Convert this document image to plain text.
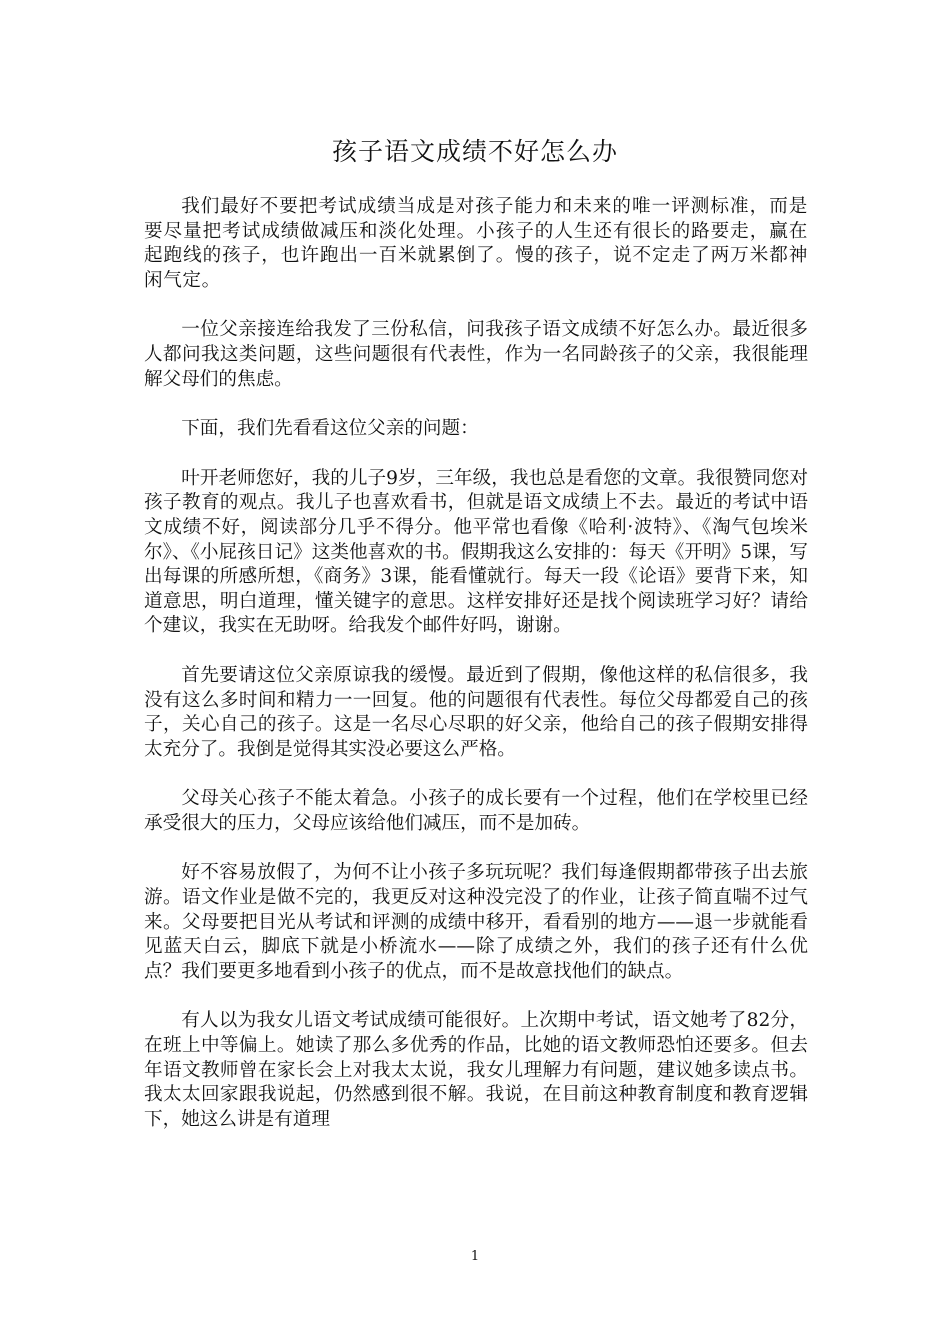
孩子语文成绩不好怎么办

我们最好不要把考试成绩当成是对孩子能力和未来的唯一评测标准，而是要尽量把考试成绩做减压和淡化处理。小孩子的人生还有很长的路要走，赢在起跑线的孩子，也许跑出一百米就累倒了。慢的孩子，说不定走了两万米都神闲气定。

一位父亲接连给我发了三份私信，问我孩子语文成绩不好怎么办。最近很多人都问我这类问题，这些问题很有代表性，作为一名同龄孩子的父亲，我很能理解父母们的焦虑。

下面，我们先看看这位父亲的问题：

叶开老师您好，我的儿子9岁，三年级，我也总是看您的文章。我很赞同您对孩子教育的观点。我儿子也喜欢看书，但就是语文成绩上不去。最近的考试中语文成绩不好，阅读部分几乎不得分。他平常也看像《哈利·波特》、《淘气包埃米尔》、《小屁孩日记》这类他喜欢的书。假期我这么安排的：每天《开明》5课，写出每课的所感所想，《商务》3课，能看懂就行。每天一段《论语》要背下来，知道意思，明白道理，懂关键字的意思。这样安排好还是找个阅读班学习好？请给个建议，我实在无助呀。给我发个邮件好吗，谢谢。

首先要请这位父亲原谅我的缓慢。最近到了假期，像他这样的私信很多，我没有这么多时间和精力一一回复。他的问题很有代表性。每位父母都爱自己的孩子，关心自己的孩子。这是一名尽心尽职的好父亲，他给自己的孩子假期安排得太充分了。我倒是觉得其实没必要这么严格。

父母关心孩子不能太着急。小孩子的成长要有一个过程，他们在学校里已经承受很大的压力，父母应该给他们减压，而不是加砖。

好不容易放假了，为何不让小孩子多玩玩呢？我们每逢假期都带孩子出去旅游。语文作业是做不完的，我更反对这种没完没了的作业，让孩子简直喘不过气来。父母要把目光从考试和评测的成绩中移开，看看别的地方——退一步就能看见蓝天白云，脚底下就是小桥流水——除了成绩之外，我们的孩子还有什么优点？我们要更多地看到小孩子的优点，而不是故意找他们的缺点。

有人以为我女儿语文考试成绩可能很好。上次期中考试，语文她考了82分，在班上中等偏上。她读了那么多优秀的作品，比她的语文教师恐怕还要多。但去年语文教师曾在家长会上对我太太说，我女儿理解力有问题，建议她多读点书。我太太回家跟我说起，仍然感到很不解。我说，在目前这种教育制度和教育逻辑下，她这么讲是有道理

1
